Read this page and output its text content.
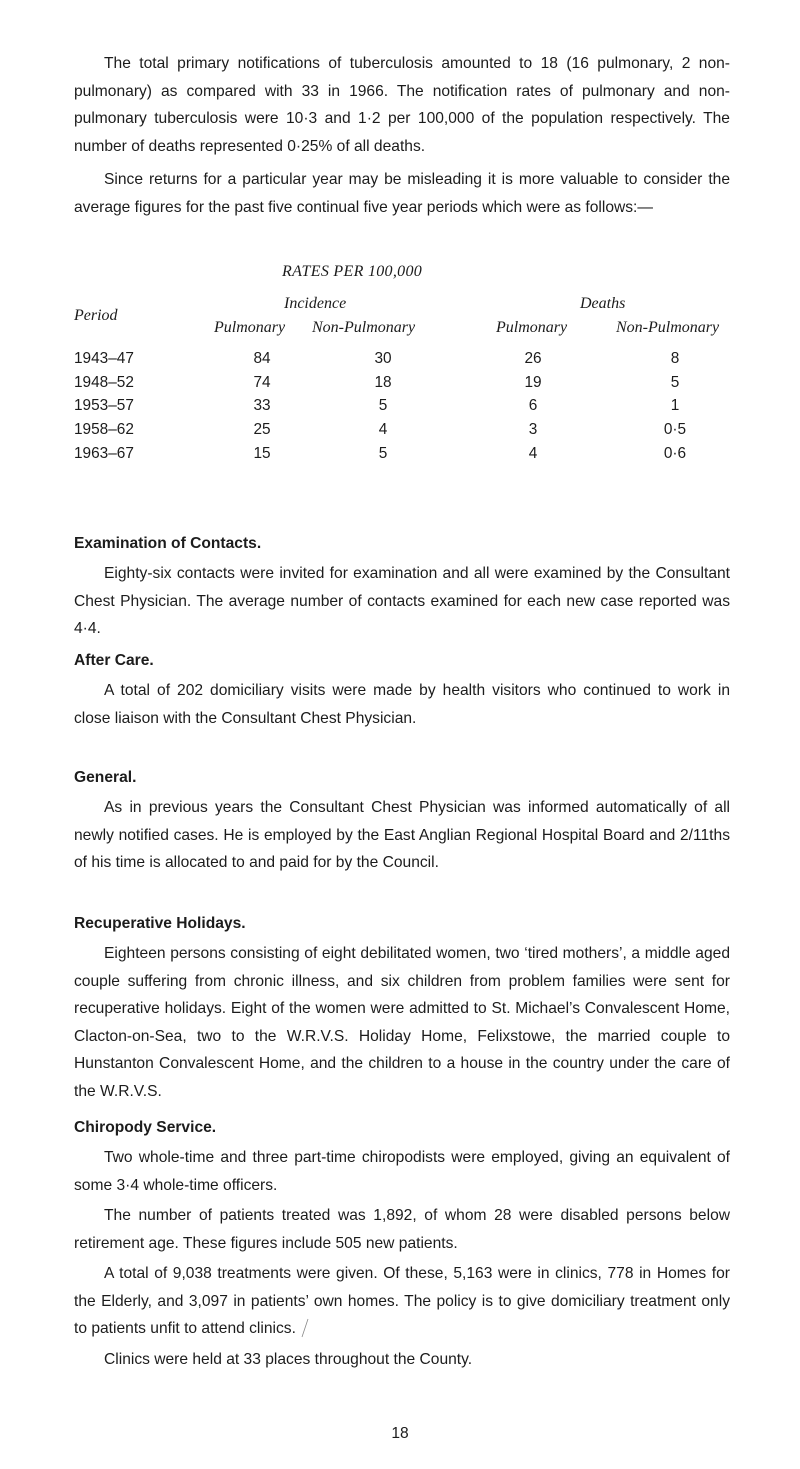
The total primary notifications of tuberculosis amounted to 18 (16 pulmonary, 2 non-pulmonary) as compared with 33 in 1966. The notification rates of pulmonary and non-pulmonary tuberculosis were 10·3 and 1·2 per 100,000 of the population respectively. The number of deaths represented 0·25% of all deaths.

Since returns for a particular year may be misleading it is more valuable to consider the average figures for the past five continual five year periods which were as follows:—

RATES PER 100,000
Period
Incidence	Deaths
Pulmonary Non-Pulmonary	Pulmonary	Non-Pulmonary
1943–47	84	30	26	8
1948–52	74	18	19	5
1953–57	33	5	6	1
1958–62	25	4	3	0·5
1963–67	15	5	4	0·6
Examination of Contacts.

Eighty-six contacts were invited for examination and all were examined by the Consultant Chest Physician. The average number of contacts examined for each new case reported was 4·4.

After Care.

A total of 202 domiciliary visits were made by health visitors who continued to work in close liaison with the Consultant Chest Physician.

General.

As in previous years the Consultant Chest Physician was informed automatically of all newly notified cases. He is employed by the East Anglian Regional Hospital Board and 2/11ths of his time is allocated to and paid for by the Council.

Recuperative Holidays.

Eighteen persons consisting of eight debilitated women, two ‘tired mothers’, a middle aged couple suffering from chronic illness, and six children from problem families were sent for recuperative holidays. Eight of the women were admitted to St. Michael’s Convalescent Home, Clacton-on-Sea, two to the W.R.V.S. Holiday Home, Felixstowe, the married couple to Hunstanton Convalescent Home, and the children to a house in the country under the care of the W.R.V.S.

Chiropody Service.

Two whole-time and three part-time chiropodists were employed, giving an equivalent of some 3·4 whole-time officers.

The number of patients treated was 1,892, of whom 28 were disabled persons below retirement age. These figures include 505 new patients.

A total of 9,038 treatments were given. Of these, 5,163 were in clinics, 778 in Homes for the Elderly, and 3,097 in patients’ own homes. The policy is to give domiciliary treatment only to patients unfit to attend clinics.

Clinics were held at 33 places throughout the County.

18
